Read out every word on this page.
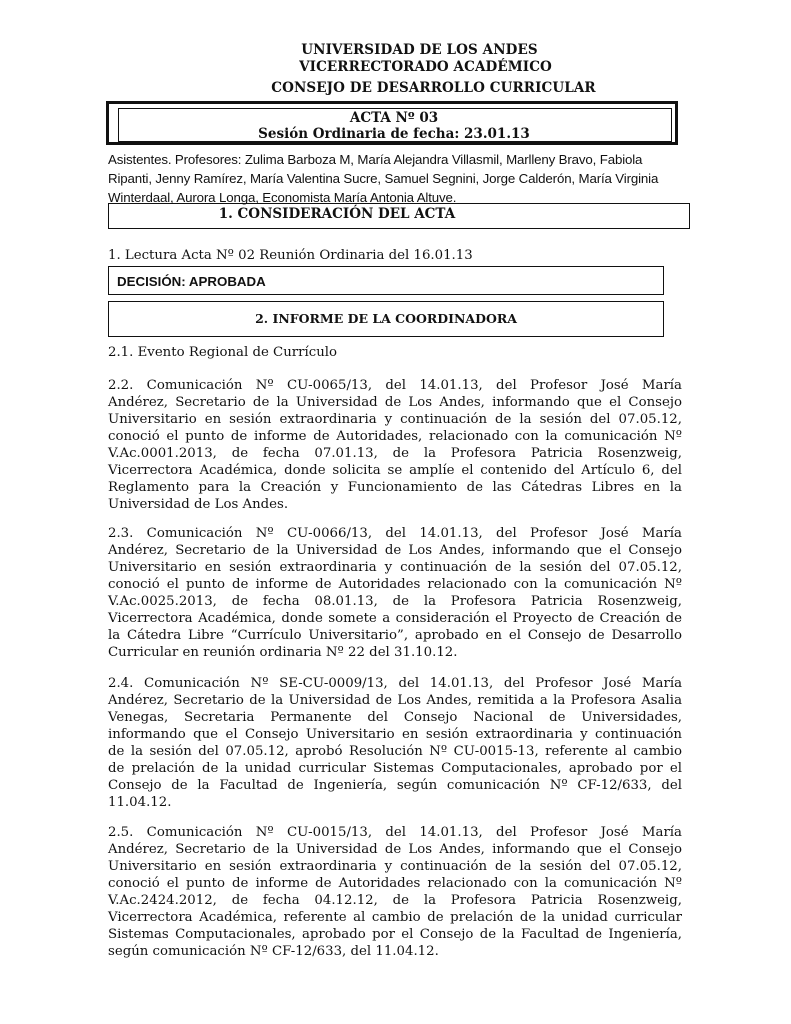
UNIVERSIDAD DE LOS ANDES
VICERRECTORADO ACADÉMICO
CONSEJO DE DESARROLLO CURRICULAR
ACTA Nº 03
Sesión Ordinaria de fecha: 23.01.13
Asistentes. Profesores: Zulima Barboza M, María Alejandra Villasmil, Marlleny Bravo, Fabiola
Ripanti, Jenny Ramírez, María Valentina Sucre, Samuel Segnini, Jorge Calderón, María Virginia
Winterdaal, Aurora Longa, Economista María Antonia Altuve.
1. CONSIDERACIÓN DEL ACTA
1. Lectura Acta Nº 02 Reunión Ordinaria del 16.01.13
DECISIÓN: APROBADA
2. INFORME DE LA COORDINADORA
2.1. Evento Regional de Currículo
2.2. Comunicación Nº CU-0065/13, del 14.01.13, del Profesor José María
Andérez, Secretario de la Universidad de Los Andes, informando que el Consejo
Universitario en sesión extraordinaria y continuación de la sesión del 07.05.12,
conoció el punto de informe de Autoridades, relacionado con la comunicación Nº
V.Ac.0001.2013, de fecha 07.01.13, de la Profesora Patricia Rosenzweig,
Vicerrectora Académica, donde solicita se amplíe el contenido del Artículo 6, del
Reglamento para la Creación y Funcionamiento de las Cátedras Libres en la
Universidad de Los Andes.
2.3. Comunicación Nº CU-0066/13, del 14.01.13, del Profesor José María
Andérez, Secretario de la Universidad de Los Andes, informando que el Consejo
Universitario en sesión extraordinaria y continuación de la sesión del 07.05.12,
conoció el punto de informe de Autoridades relacionado con la comunicación Nº
V.Ac.0025.2013, de fecha 08.01.13, de la Profesora Patricia Rosenzweig,
Vicerrectora Académica, donde somete a consideración el Proyecto de Creación de
la Cátedra Libre “Currículo Universitario”, aprobado en el Consejo de Desarrollo
Curricular en reunión ordinaria Nº 22 del 31.10.12.
2.4. Comunicación Nº SE-CU-0009/13, del 14.01.13, del Profesor José María
Andérez, Secretario de la Universidad de Los Andes, remitida a la Profesora Asalia
Venegas, Secretaria Permanente del Consejo Nacional de Universidades,
informando que el Consejo Universitario en sesión extraordinaria y continuación
de la sesión del 07.05.12, aprobó Resolución Nº CU-0015-13, referente al cambio
de prelación de la unidad curricular Sistemas Computacionales, aprobado por el
Consejo de la Facultad de Ingeniería, según comunicación Nº CF-12/633, del
11.04.12.
2.5. Comunicación Nº CU-0015/13, del 14.01.13, del Profesor José María
Andérez, Secretario de la Universidad de Los Andes, informando que el Consejo
Universitario en sesión extraordinaria y continuación de la sesión del 07.05.12,
conoció el punto de informe de Autoridades relacionado con la comunicación Nº
V.Ac.2424.2012, de fecha 04.12.12, de la Profesora Patricia Rosenzweig,
Vicerrectora Académica, referente al cambio de prelación de la unidad curricular
Sistemas Computacionales, aprobado por el Consejo de la Facultad de Ingeniería,
según comunicación Nº CF-12/633, del 11.04.12.
